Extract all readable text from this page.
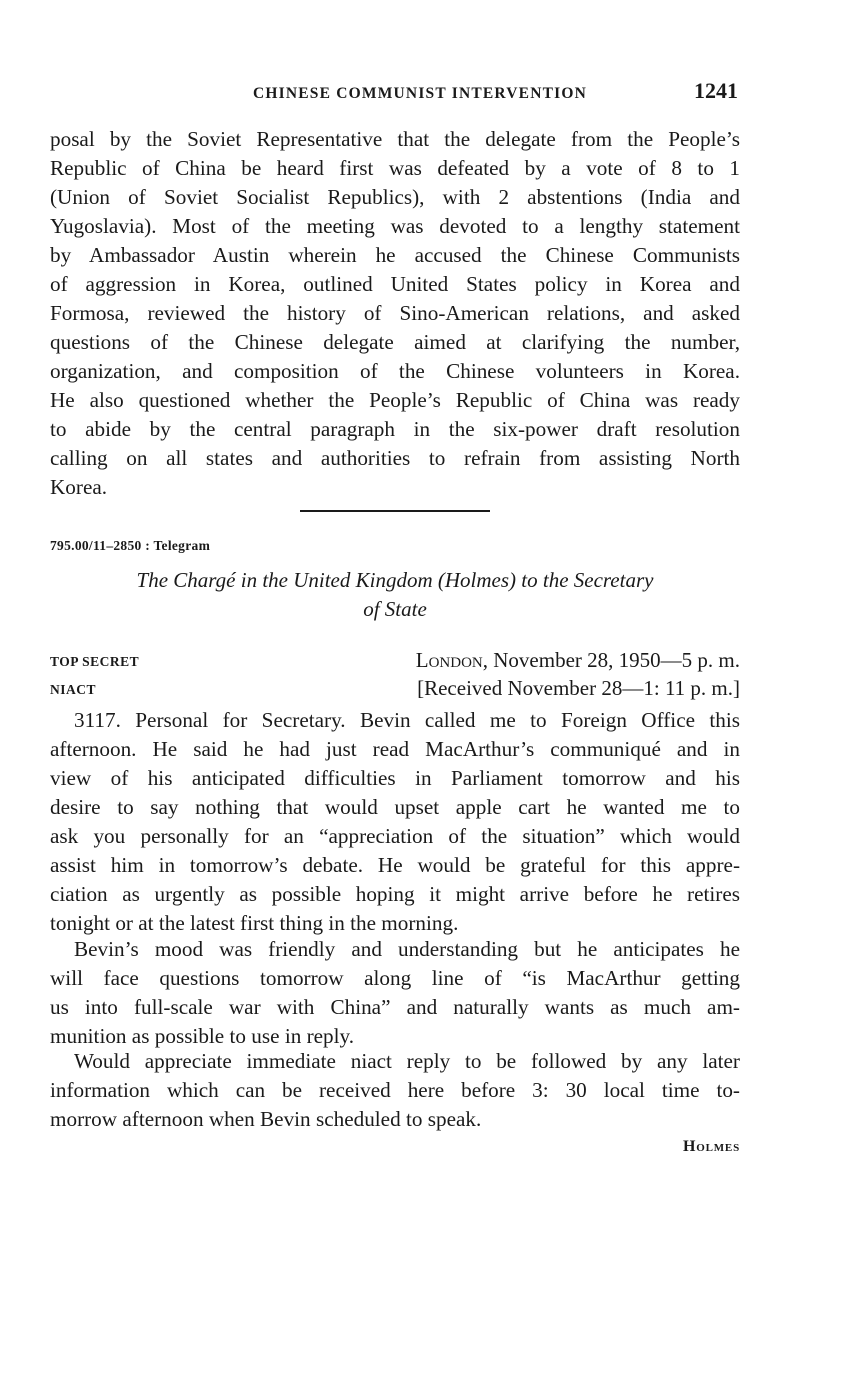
CHINESE COMMUNIST INTERVENTION	1241
posal by the Soviet Representative that the delegate from the People’s
Republic of China be heard first was defeated by a vote of 8 to 1
(Union of Soviet Socialist Republics), with 2 abstentions (India and
Yugoslavia). Most of the meeting was devoted to a lengthy statement
by Ambassador Austin wherein he accused the Chinese Communists
of aggression in Korea, outlined United States policy in Korea and
Formosa, reviewed the history of Sino-American relations, and asked
questions of the Chinese delegate aimed at clarifying the number,
organization, and composition of the Chinese volunteers in Korea.
He also questioned whether the People’s Republic of China was ready
to abide by the central paragraph in the six-power draft resolution
calling on all states and authorities to refrain from assisting North
Korea.
795.00/11–2850 : Telegram
The Chargé in the United Kingdom (Holmes) to the Secretary
of State
TOP SECRET	London, November 28, 1950—5 p. m.
NIACT	[Received November 28—1: 11 p. m.]
3117. Personal for Secretary. Bevin called me to Foreign Office this
afternoon. He said he had just read MacArthur’s communiqué and in
view of his anticipated difficulties in Parliament tomorrow and his
desire to say nothing that would upset apple cart he wanted me to
ask you personally for an “appreciation of the situation” which would
assist him in tomorrow’s debate. He would be grateful for this appre-
ciation as urgently as possible hoping it might arrive before he retires
tonight or at the latest first thing in the morning.
Bevin’s mood was friendly and understanding but he anticipates he
will face questions tomorrow along line of “is MacArthur getting
us into full-scale war with China” and naturally wants as much am-
munition as possible to use in reply.
Would appreciate immediate niact reply to be followed by any later
information which can be received here before 3: 30 local time to-
morrow afternoon when Bevin scheduled to speak.
Holmes
